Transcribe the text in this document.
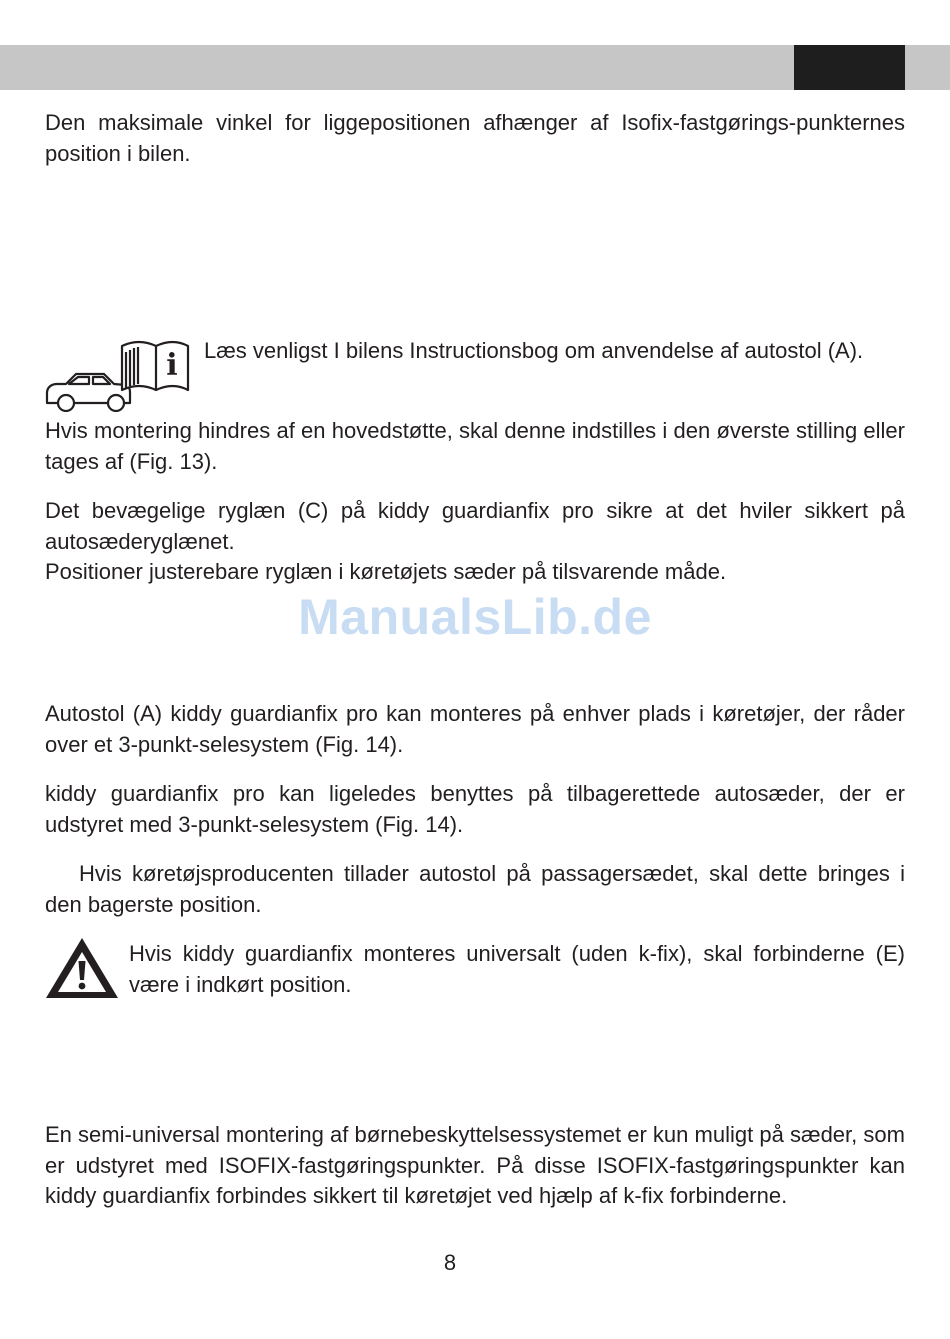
Den maksimale vinkel for liggepositionen afhænger af Isofix-fastgørings-punkternes position i bilen.

i Læs venligst I bilens Instructionsbog om anvendelse af autostol (A).

Hvis montering hindres af en hovedstøtte, skal denne indstilles i den øverste stilling eller tages af (Fig. 13).

Det bevægelige ryglæn (C) på kiddy guardianfix pro sikre at det hviler sikkert på autosæderyglænet.

Positioner justerebare ryglæn i køretøjets sæder på tilsvarende måde.

ManualsLib.de

Autostol (A) kiddy guardianfix pro kan monteres på enhver plads i køretøjer, der råder over et 3-punkt-selesystem (Fig. 14).

kiddy guardianfix pro kan ligeledes benyttes på tilbagerettede autosæder, der er udstyret med 3-punkt-selesystem (Fig. 14).

Hvis køretøjsproducenten tillader autostol på passagersædet, skal dette bringes i den bagerste position.

Hvis kiddy guardianfix monteres universalt (uden k-fix), skal forbinderne (E) være i indkørt position.

En semi-universal montering af børnebeskyttelsessystemet er kun muligt på sæder, som er udstyret med ISOFIX-fastgøringspunkter. På disse ISOFIX-fastgøringspunkter kan kiddy guardianfix forbindes sikkert til køretøjet ved hjælp af k-fix forbinderne.

8
